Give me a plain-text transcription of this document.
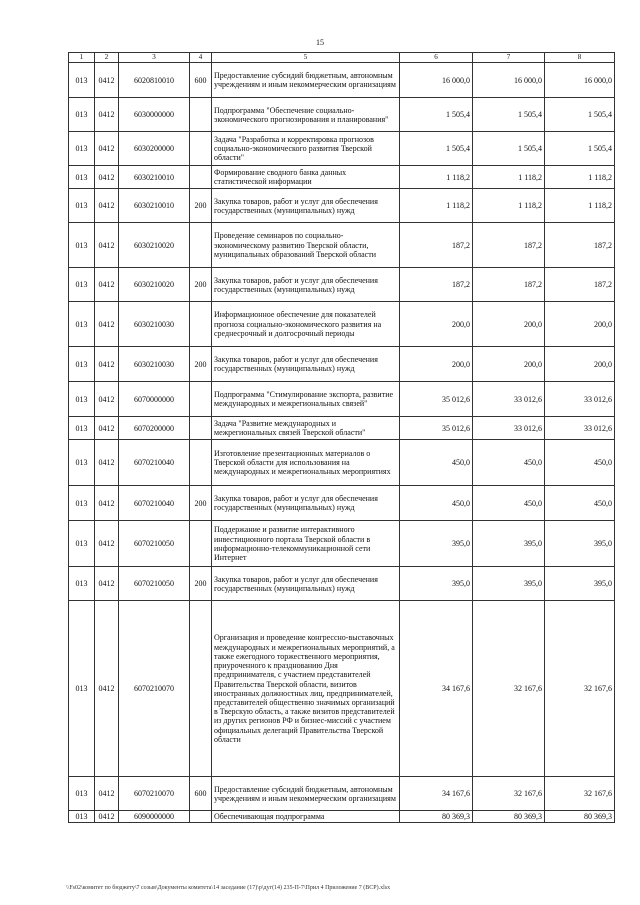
15
1	2	3	4	5	6	7	8
013	0412	6020810010	600	Предоставление субсидий бюджетным, автономным учреждениям и иным некоммерческим организациям	16 000,0	16 000,0	16 000,0
013	0412	6030000000		Подпрограмма "Обеспечение социально-экономического прогнозирования и планирования"	1 505,4	1 505,4	1 505,4
013	0412	6030200000		Задача "Разработка и корректировка прогнозов социально-экономического развития Тверской области"	1 505,4	1 505,4	1 505,4
013	0412	6030210010		Формирование сводного банка данных статистической информации	1 118,2	1 118,2	1 118,2
013	0412	6030210010	200	Закупка товаров, работ и услуг для обеспечения государственных (муниципальных) нужд	1 118,2	1 118,2	1 118,2
013	0412	6030210020		Проведение семинаров по социально-экономическому развитию Тверской области, муниципальных образований Тверской области	187,2	187,2	187,2
013	0412	6030210020	200	Закупка товаров, работ и услуг для обеспечения государственных (муниципальных) нужд	187,2	187,2	187,2
013	0412	6030210030		Информационное обеспечение для показателей прогноза социально-экономического развития на среднесрочный и долгосрочный периоды	200,0	200,0	200,0
013	0412	6030210030	200	Закупка товаров, работ и услуг для обеспечения государственных (муниципальных) нужд	200,0	200,0	200,0
013	0412	6070000000		Подпрограмма "Стимулирование экспорта, развитие международных и межрегиональных связей"	35 012,6	33 012,6	33 012,6
013	0412	6070200000		Задача "Развитие международных и межрегиональных связей Тверской области"	35 012,6	33 012,6	33 012,6
013	0412	6070210040		Изготовление презентационных материалов о Тверской области для использования на международных и межрегиональных мероприятиях	450,0	450,0	450,0
013	0412	6070210040	200	Закупка товаров, работ и услуг для обеспечения государственных (муниципальных) нужд	450,0	450,0	450,0
013	0412	6070210050		Поддержание и развитие интерактивного инвестиционного портала Тверской области в информационно-телекоммуникационной сети Интернет	395,0	395,0	395,0
013	0412	6070210050	200	Закупка товаров, работ и услуг для обеспечения государственных (муниципальных) нужд	395,0	395,0	395,0
013	0412	6070210070		Организация и проведение конгрессно-выставочных международных и межрегиональных мероприятий, а также ежегодного торжественного мероприятия, приуроченного к празднованию Дня предпринимателя, с участием представителей Правительства Тверской области, визитов иностранных должностных лиц, предпринимателей, представителей общественно значимых организаций в Тверскую область, а также визитов представителей из других регионов РФ и бизнес-миссий с участием официальных делегаций Правительства Тверской области	34 167,6	32 167,6	32 167,6
013	0412	6070210070	600	Предоставление субсидий бюджетным, автономным учреждениям и иным некоммерческим организациям	34 167,6	32 167,6	32 167,6
013	0412	6090000000		Обеспечивающая подпрограмма	80 369,3	80 369,3	80 369,3
\\Fs02\комитет по бюджету\7 созыв\Документы комитета\14 заседание (17)\р\дуг(14) 235-П-7\Прил 4 Приложение 7 (ВСР).xlsx
